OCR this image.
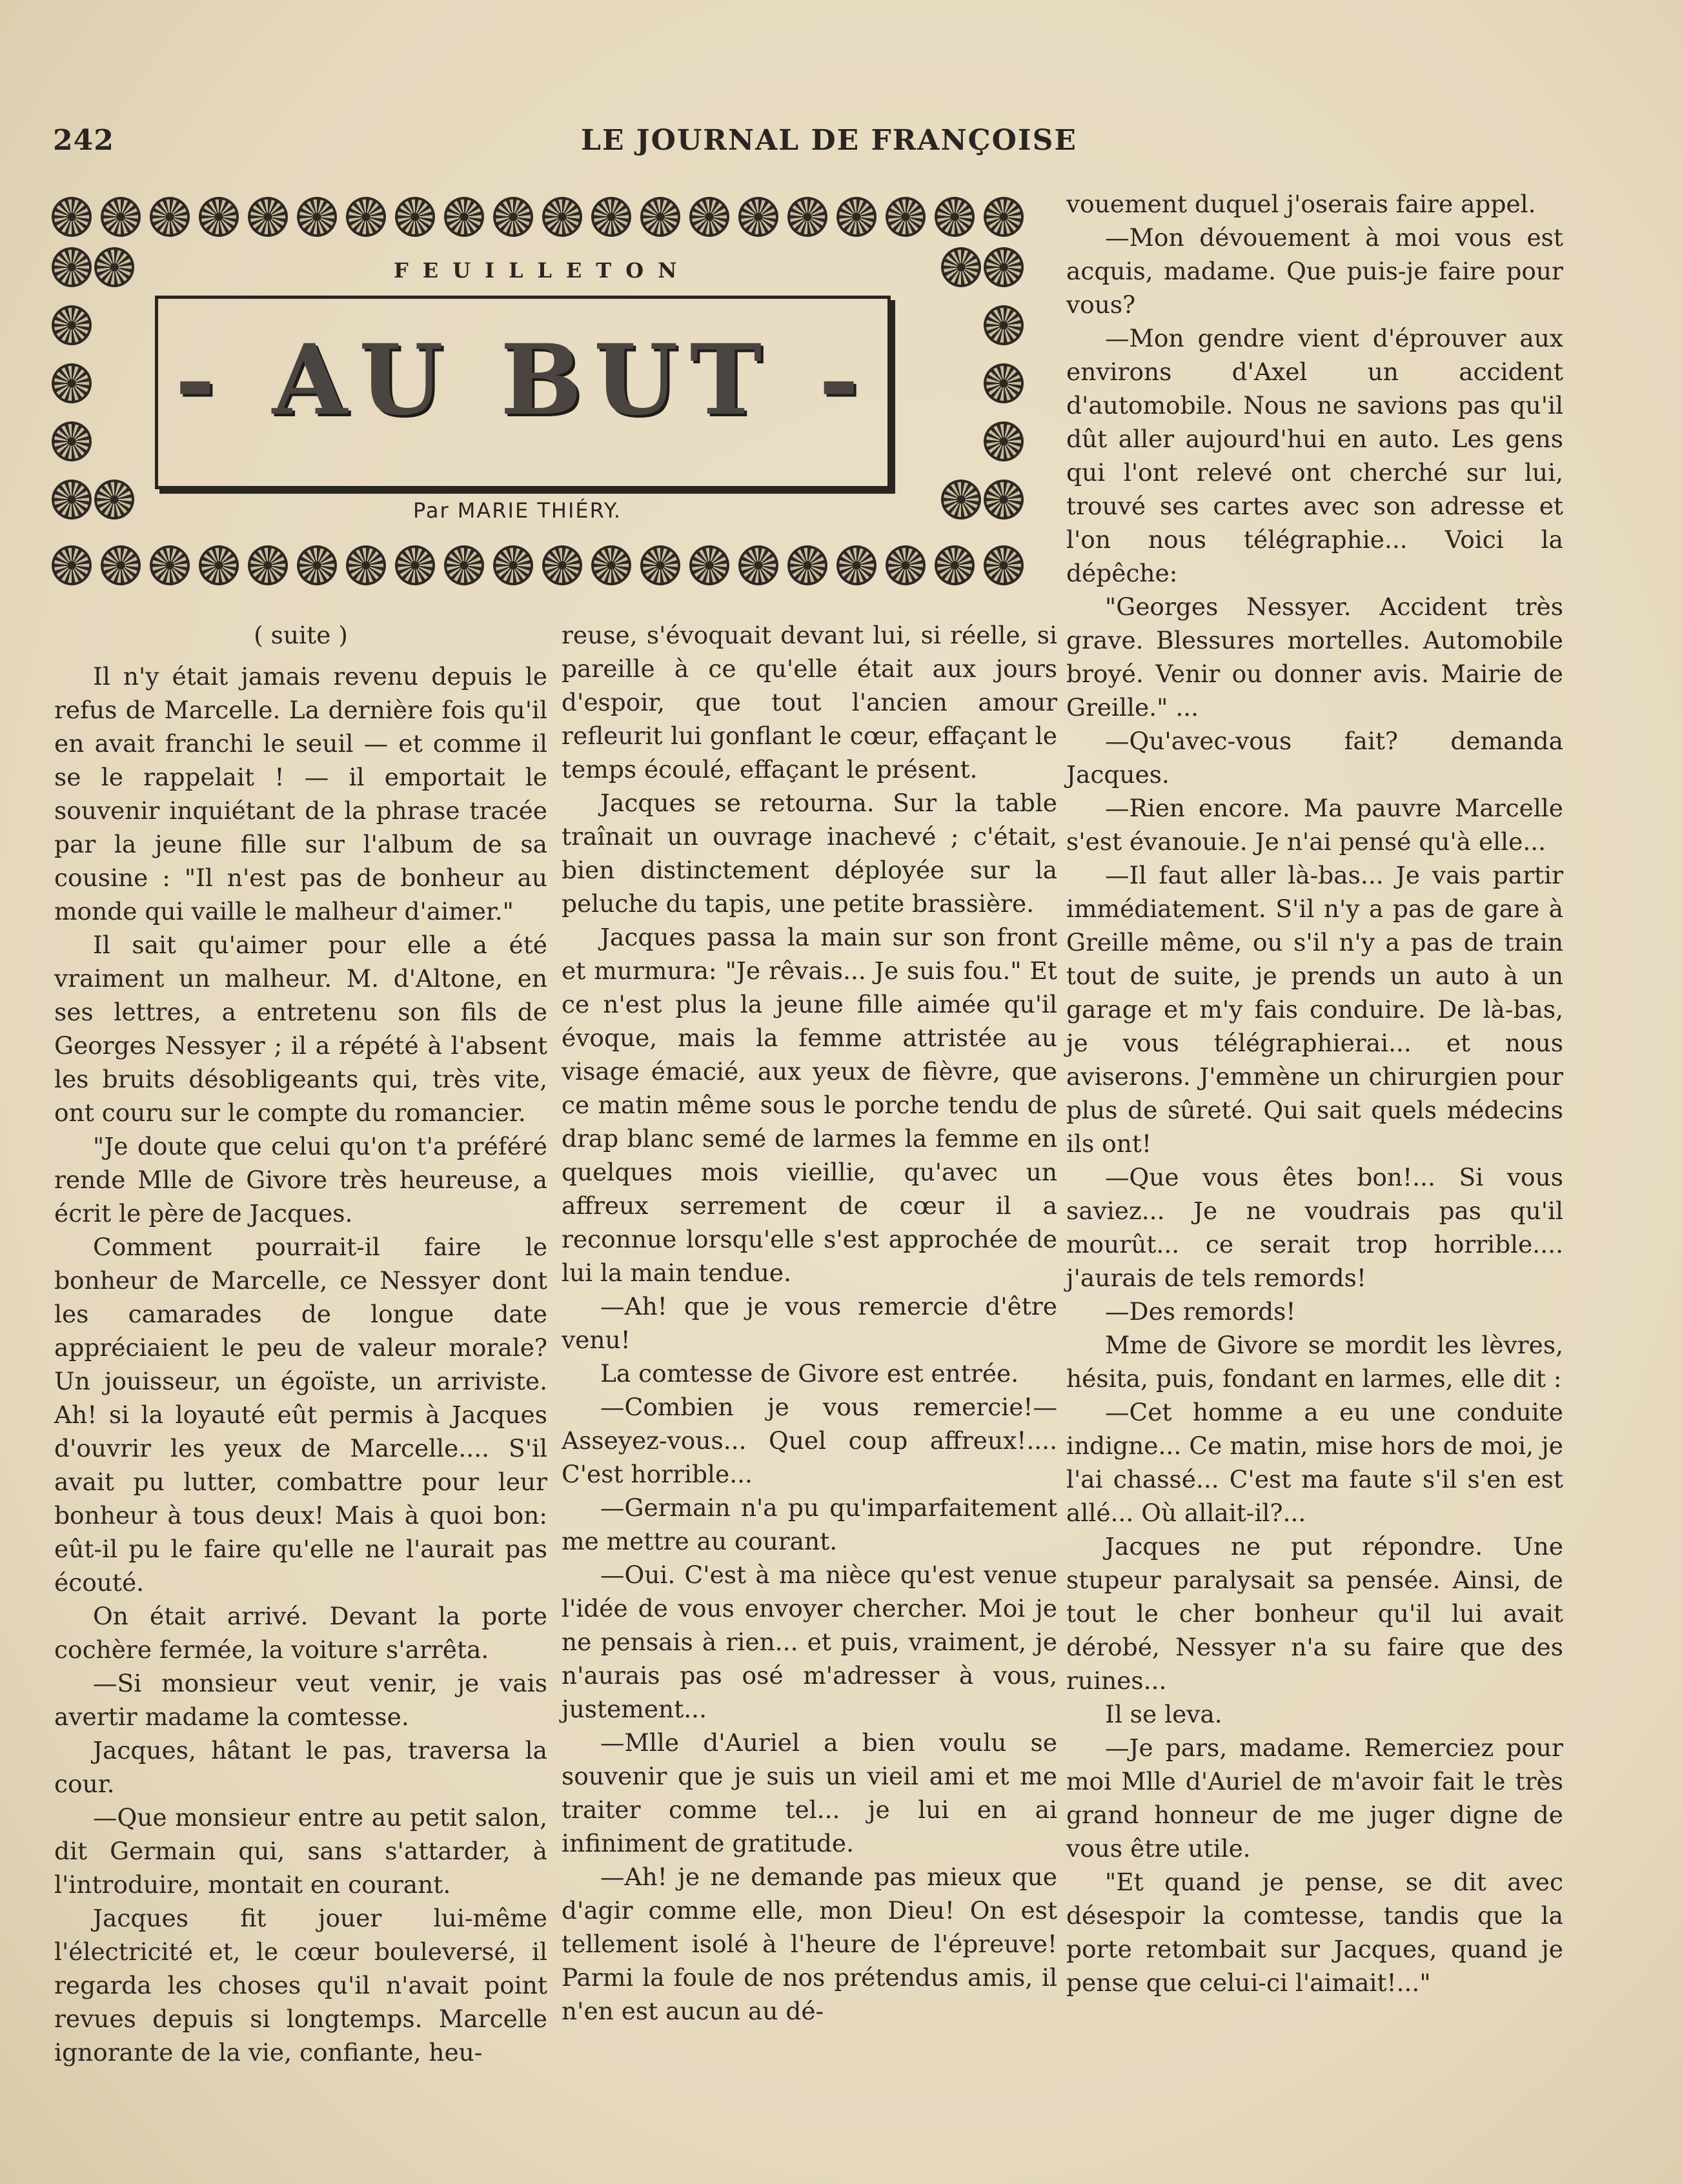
242	LE JOURNAL DE FRANÇOISE
FEUILLETON
- AU BUT -
Par MARIE THIÉRY.

( suite )

Il n'y était jamais revenu depuis le refus de Marcelle. La dernière fois qu'il en avait franchi le seuil — et comme il se le rappelait ! — il emportait le souvenir inquiétant de la phrase tracée par la jeune fille sur l'album de sa cousine : "Il n'est pas de bonheur au monde qui vaille le malheur d'aimer."

Il sait qu'aimer pour elle a été vraiment un malheur. M. d'Altone, en ses lettres, a entretenu son fils de Georges Nessyer ; il a répété à l'absent les bruits désobligeants qui, très vite, ont couru sur le compte du romancier.

"Je doute que celui qu'on t'a préféré rende Mlle de Givore très heureuse, a écrit le père de Jacques.

Comment pourrait-il faire le bonheur de Marcelle, ce Nessyer dont les camarades de longue date appréciaient le peu de valeur morale? Un jouisseur, un égoïste, un arriviste. Ah! si la loyauté eût permis à Jacques d'ouvrir les yeux de Marcelle.... S'il avait pu lutter, combattre pour leur bonheur à tous deux! Mais à quoi bon: eût-il pu le faire qu'elle ne l'aurait pas écouté.

On était arrivé. Devant la porte cochère fermée, la voiture s'arrêta.

—Si monsieur veut venir, je vais avertir madame la comtesse.

Jacques, hâtant le pas, traversa la cour.

—Que monsieur entre au petit salon, dit Germain qui, sans s'attarder, à l'introduire, montait en courant.

Jacques fit jouer lui-même l'électricité et, le cœur bouleversé, il regarda les choses qu'il n'avait point revues depuis si longtemps. Marcelle ignorante de la vie, confiante, heu-

reuse, s'évoquait devant lui, si réelle, si pareille à ce qu'elle était aux jours d'espoir, que tout l'ancien amour refleurit lui gonflant le cœur, effaçant le temps écoulé, effaçant le présent.

Jacques se retourna. Sur la table traînait un ouvrage inachevé ; c'était, bien distinctement déployée sur la peluche du tapis, une petite brassière.

Jacques passa la main sur son front et murmura: "Je rêvais... Je suis fou." Et ce n'est plus la jeune fille aimée qu'il évoque, mais la femme attristée au visage émacié, aux yeux de fièvre, que ce matin même sous le porche tendu de drap blanc semé de larmes la femme en quelques mois vieillie, qu'avec un affreux serrement de cœur il a reconnue lorsqu'elle s'est approchée de lui la main tendue.

—Ah! que je vous remercie d'être venu!

La comtesse de Givore est entrée.

—Combien je vous remercie!— Asseyez-vous... Quel coup affreux!.... C'est horrible...

—Germain n'a pu qu'imparfaitement me mettre au courant.

—Oui. C'est à ma nièce qu'est venue l'idée de vous envoyer chercher. Moi je ne pensais à rien... et puis, vraiment, je n'aurais pas osé m'adresser à vous, justement...

—Mlle d'Auriel a bien voulu se souvenir que je suis un vieil ami et me traiter comme tel... je lui en ai infiniment de gratitude.

—Ah! je ne demande pas mieux que d'agir comme elle, mon Dieu! On est tellement isolé à l'heure de l'épreuve! Parmi la foule de nos prétendus amis, il n'en est aucun au dé-

vouement duquel j'oserais faire appel.

—Mon dévouement à moi vous est acquis, madame. Que puis-je faire pour vous?

—Mon gendre vient d'éprouver aux environs d'Axel un accident d'automobile. Nous ne savions pas qu'il dût aller aujourd'hui en auto. Les gens qui l'ont relevé ont cherché sur lui, trouvé ses cartes avec son adresse et l'on nous télégraphie... Voici la dépêche:

"Georges Nessyer. Accident très grave. Blessures mortelles. Automobile broyé. Venir ou donner avis. Mairie de Greille." ...

—Qu'avec-vous fait? demanda Jacques.

—Rien encore. Ma pauvre Marcelle s'est évanouie. Je n'ai pensé qu'à elle...

—Il faut aller là-bas... Je vais partir immédiatement. S'il n'y a pas de gare à Greille même, ou s'il n'y a pas de train tout de suite, je prends un auto à un garage et m'y fais conduire. De là-bas, je vous télégraphierai... et nous aviserons. J'emmène un chirurgien pour plus de sûreté. Qui sait quels médecins ils ont!

—Que vous êtes bon!... Si vous saviez... Je ne voudrais pas qu'il mourût... ce serait trop horrible.... j'aurais de tels remords!

—Des remords!

Mme de Givore se mordit les lèvres, hésita, puis, fondant en larmes, elle dit :

—Cet homme a eu une conduite indigne... Ce matin, mise hors de moi, je l'ai chassé... C'est ma faute s'il s'en est allé... Où allait-il?...

Jacques ne put répondre. Une stupeur paralysait sa pensée. Ainsi, de tout le cher bonheur qu'il lui avait dérobé, Nessyer n'a su faire que des ruines...

Il se leva.

—Je pars, madame. Remerciez pour moi Mlle d'Auriel de m'avoir fait le très grand honneur de me juger digne de vous être utile.

"Et quand je pense, se dit avec désespoir la comtesse, tandis que la porte retombait sur Jacques, quand je pense que celui-ci l'aimait!..."
